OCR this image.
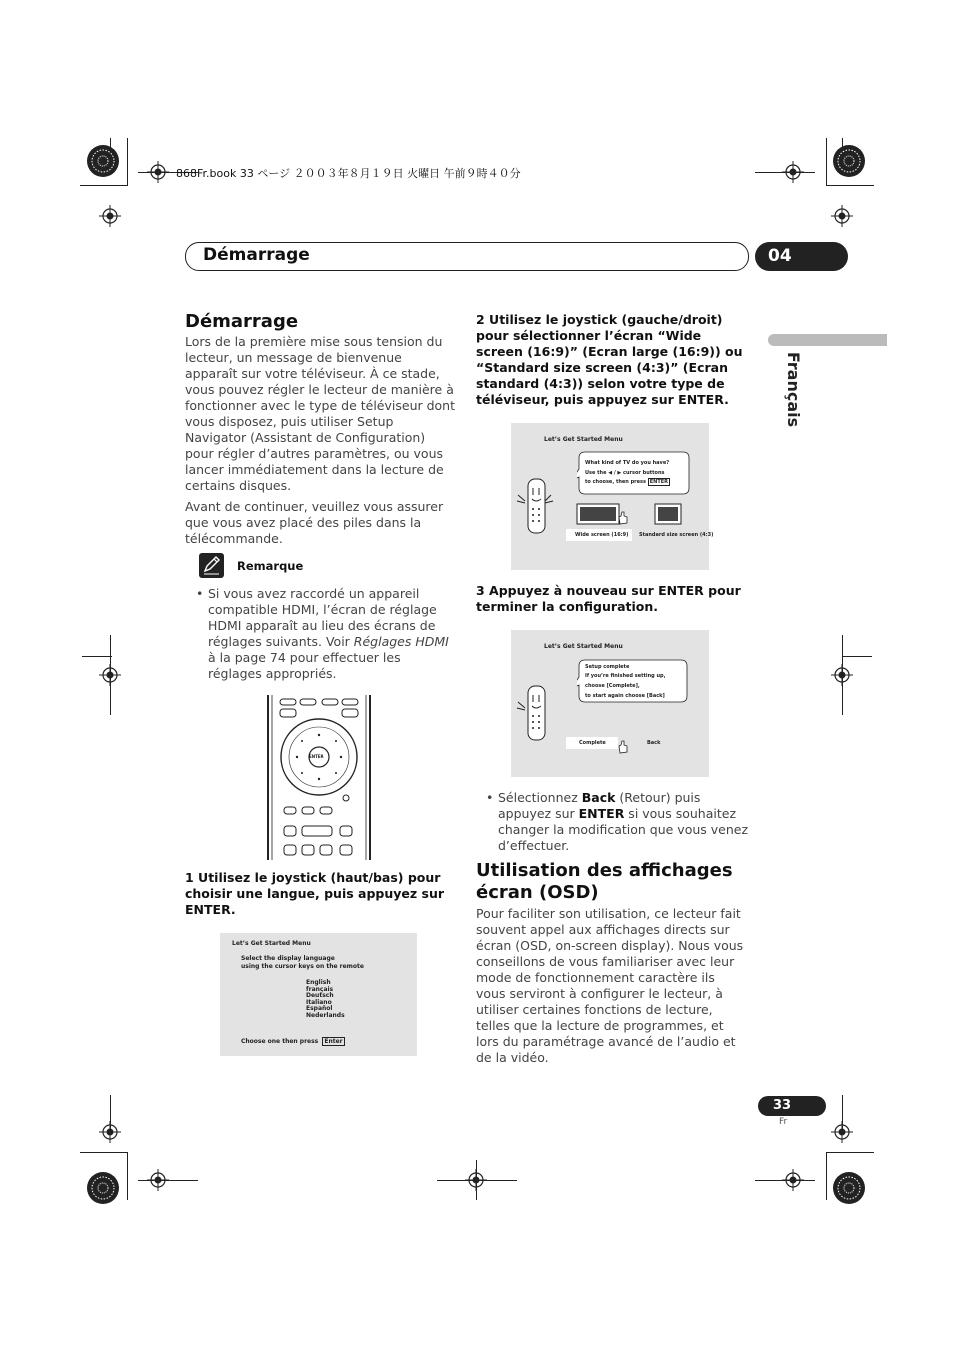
868Fr.book 33 ページ ２００３年８月１９日 火曜日 午前９時４０分
Démarrage	04
Français
Démarrage

Lors de la première mise sous tension du lecteur, un message de bienvenue apparaît sur votre téléviseur. À ce stade, vous pouvez régler le lecteur de manière à fonctionner avec le type de téléviseur dont vous disposez, puis utiliser Setup Navigator (Assistant de Configuration) pour régler d’autres paramètres, ou vous lancer immédiatement dans la lecture de certains disques.

Avant de continuer, veuillez vous assurer que vous avez placé des piles dans la télécommande.

Remarque
• Si vous avez raccordé un appareil compatible HDMI, l’écran de réglage HDMI apparaît au lieu des écrans de réglages suivants. Voir Réglages HDMI à la page 74 pour effectuer les réglages appropriés.
ENTER
1 Utilisez le joystick (haut/bas) pour choisir une langue, puis appuyez sur ENTER.
Let’s Get Started Menu
Select the display language
using the cursor keys on the remote
English
français
Deutsch
Italiano
Español
Nederlands
Choose one then press Enter
2 Utilisez le joystick (gauche/droit) pour sélectionner l’écran “Wide screen (16:9)” (Ecran large (16:9)) ou “Standard size screen (4:3)” (Ecran standard (4:3)) selon votre type de téléviseur, puis appuyez sur ENTER.
Let’s Get Started Menu
What kind of TV do you have?
Use the ◀ / ▶ cursor buttons
to choose, then press ENTER
Wide screen (16:9) Standard size screen (4:3)
3 Appuyez à nouveau sur ENTER pour terminer la configuration.
Let’s Get Started Menu
Setup complete
If you’re finished setting up,
choose [Complete],
to start again choose [Back]
Complete	Back
• Sélectionnez Back (Retour) puis appuyez sur ENTER si vous souhaitez changer la modification que vous venez d’effectuer.
Utilisation des affichages écran (OSD)
Pour faciliter son utilisation, ce lecteur fait souvent appel aux affichages directs sur écran (OSD, on-screen display). Nous vous conseillons de vous familiariser avec leur mode de fonctionnement caractère ils vous serviront à configurer le lecteur, à utiliser certaines fonctions de lecture, telles que la lecture de programmes, et lors du paramétrage avancé de l’audio et de la vidéo.
33
Fr
